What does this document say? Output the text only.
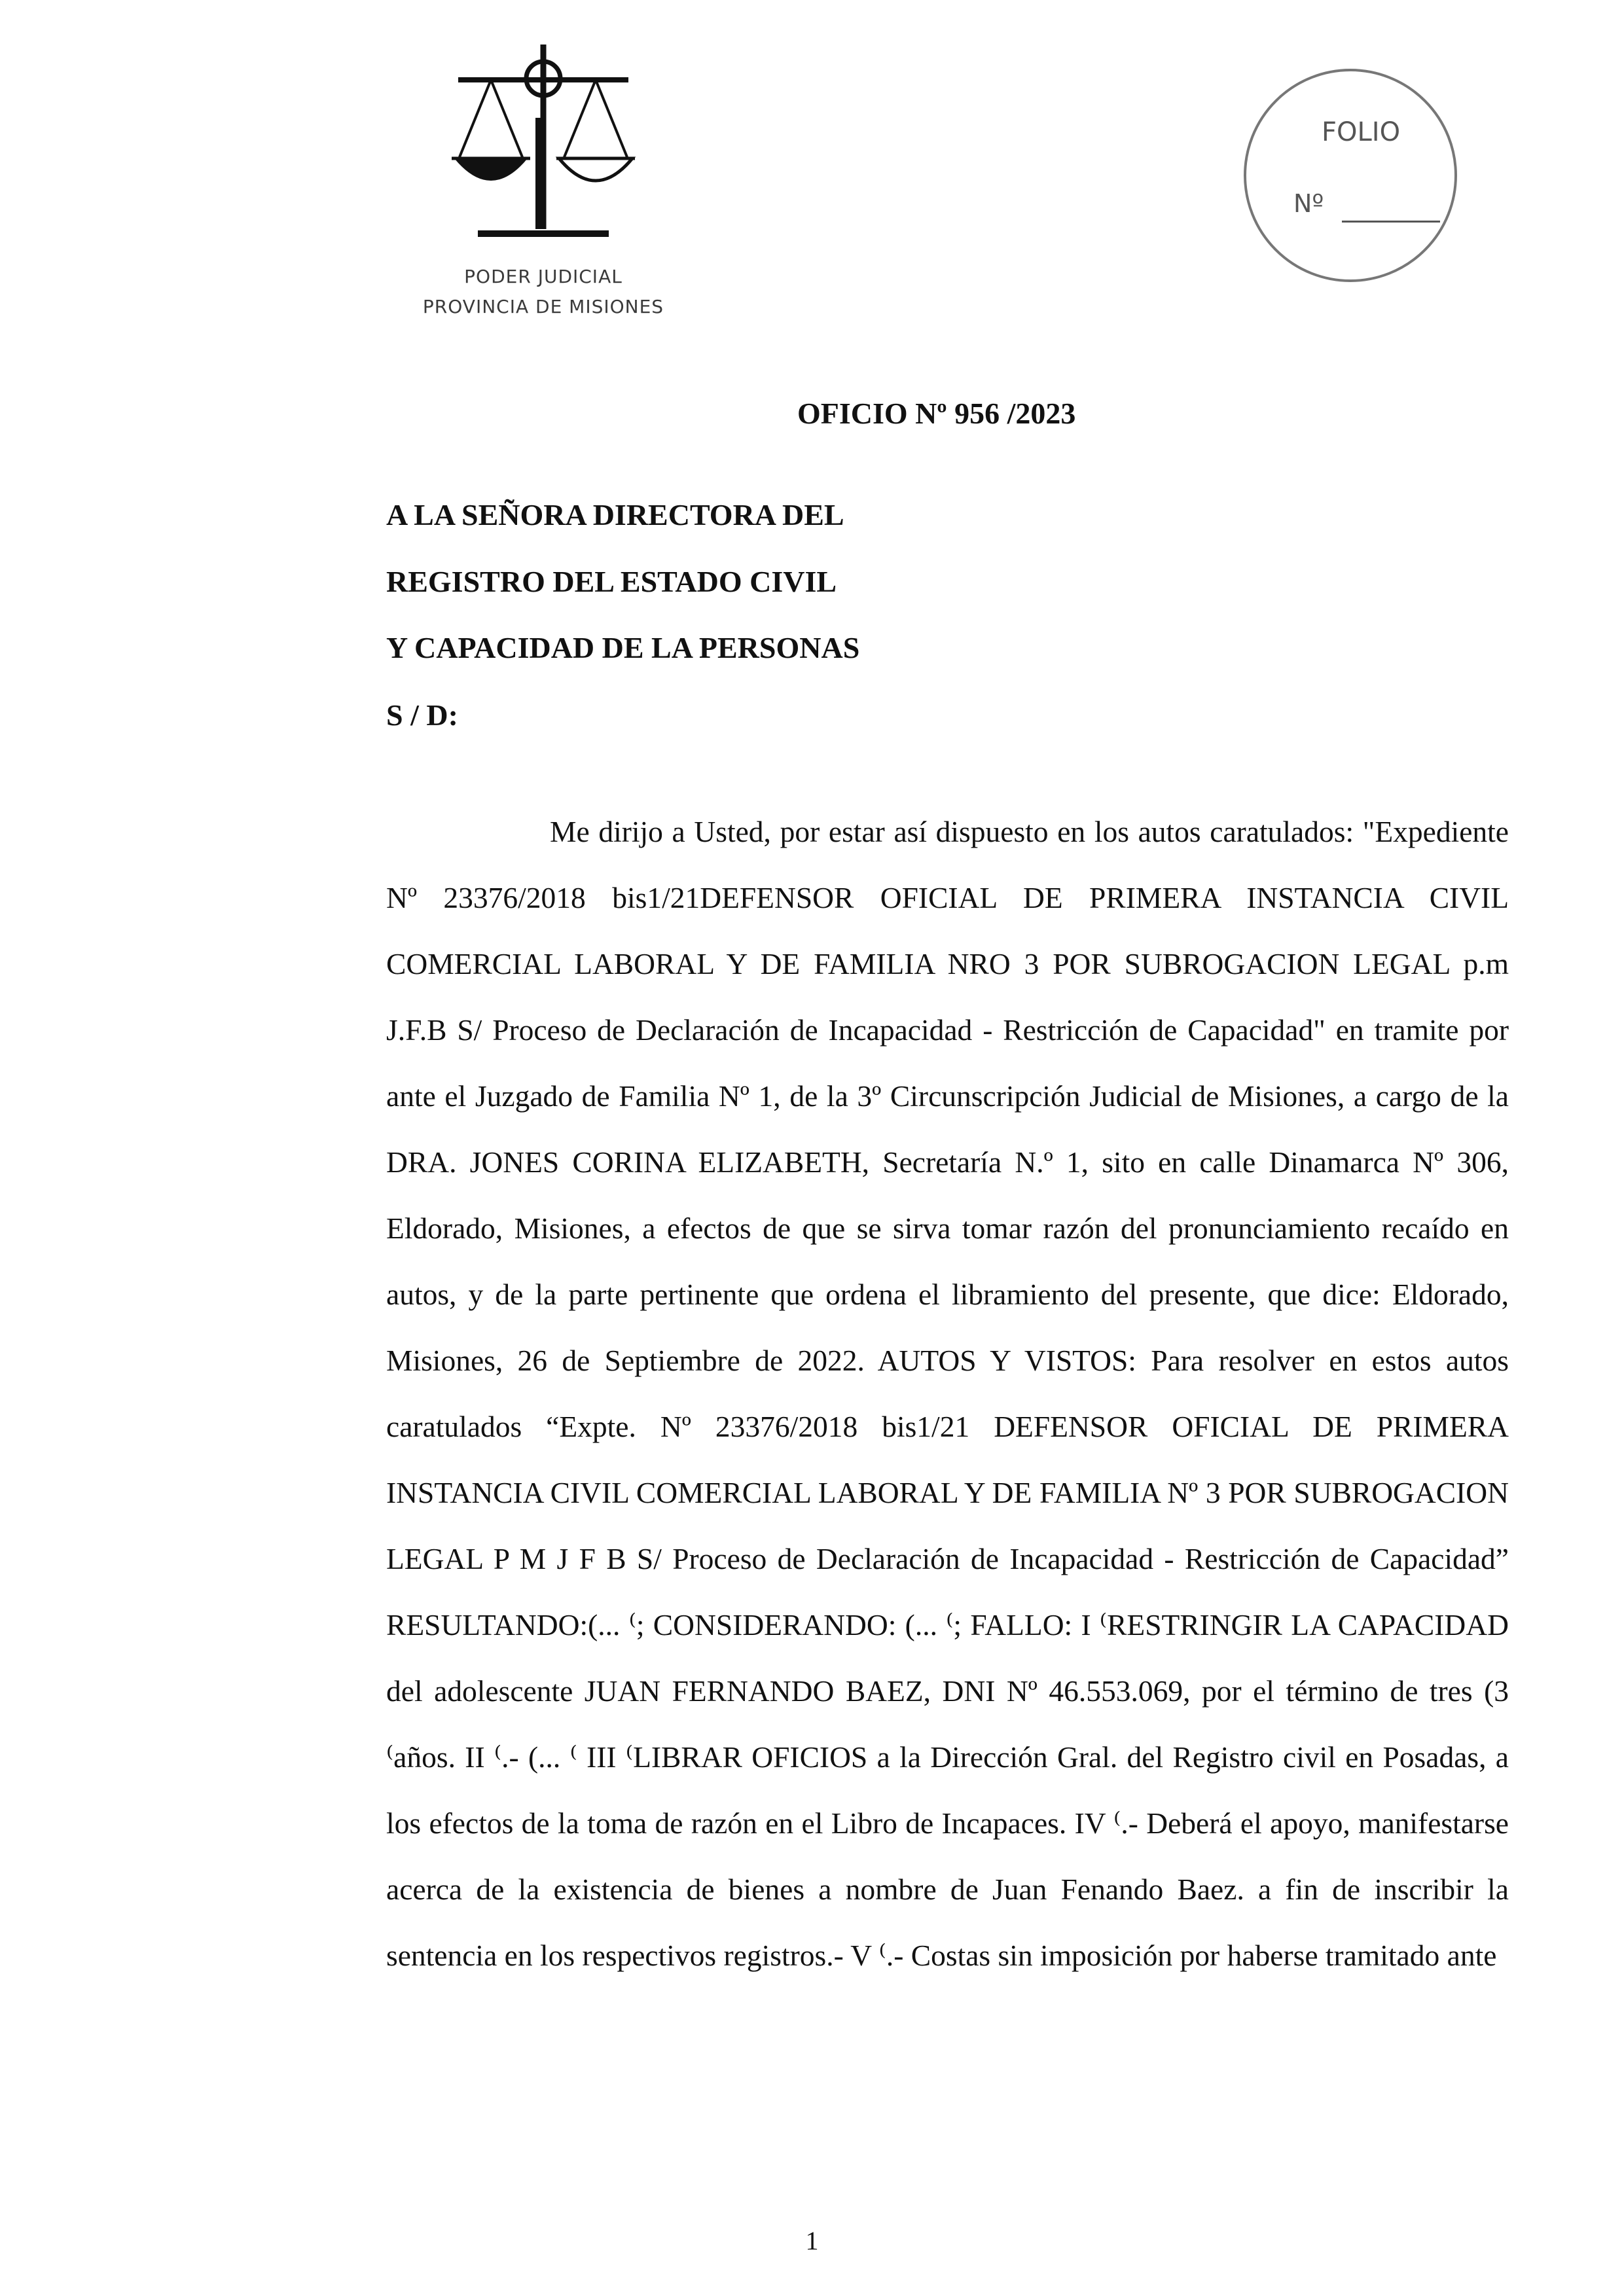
PODER JUDICIAL
PROVINCIA DE MISIONES
FOLIO
Nº
OFICIO Nº 956 /2023
A LA SEÑORA DIRECTORA DEL
REGISTRO DEL ESTADO CIVIL
Y CAPACIDAD DE LA PERSONAS
S / D:
Me dirijo a Usted, por estar así dispuesto en los autos caratulados: "Expediente Nº 23376/2018 bis1/21DEFENSOR OFICIAL DE PRIMERA INSTANCIA CIVIL COMERCIAL LABORAL Y DE FAMILIA NRO 3 POR SUBROGACION LEGAL p.m J.F.B S/ Proceso de Declaración de Incapacidad - Restricción de Capacidad" en tramite por ante el Juzgado de Familia Nº 1, de la 3º Circunscripción Judicial de Misiones, a cargo de la DRA. JONES CORINA ELIZABETH, Secretaría N.º 1, sito en calle Dinamarca Nº 306, Eldorado, Misiones, a efectos de que se sirva tomar razón del pronunciamiento recaído en autos, y de la parte pertinente que ordena el libramiento del presente, que dice: Eldorado, Misiones, 26 de Septiembre de 2022. AUTOS Y VISTOS: Para resolver en estos autos caratulados “Expte. Nº 23376/2018 bis1/21 DEFENSOR OFICIAL DE PRIMERA INSTANCIA CIVIL COMERCIAL LABORAL Y DE FAMILIA Nº 3 POR SUBROGACION LEGAL P M J F B S/ Proceso de Declaración de Incapacidad - Restricción de Capacidad” RESULTANDO:(... ⁽; CONSIDERANDO: (... ⁽; FALLO: I ⁽RESTRINGIR LA CAPACIDAD del adolescente JUAN FERNANDO BAEZ, DNI Nº 46.553.069, por el término de tres (3 ⁽años. II ⁽.- (... ⁽ III ⁽LIBRAR OFICIOS a la Dirección Gral. del Registro civil en Posadas, a los efectos de la toma de razón en el Libro de Incapaces. IV ⁽.- Deberá el apoyo, manifestarse acerca de la existencia de bienes a nombre de Juan Fenando Baez. a fin de inscribir la sentencia en los respectivos registros.- V ⁽.- Costas sin imposición por haberse tramitado ante
1
